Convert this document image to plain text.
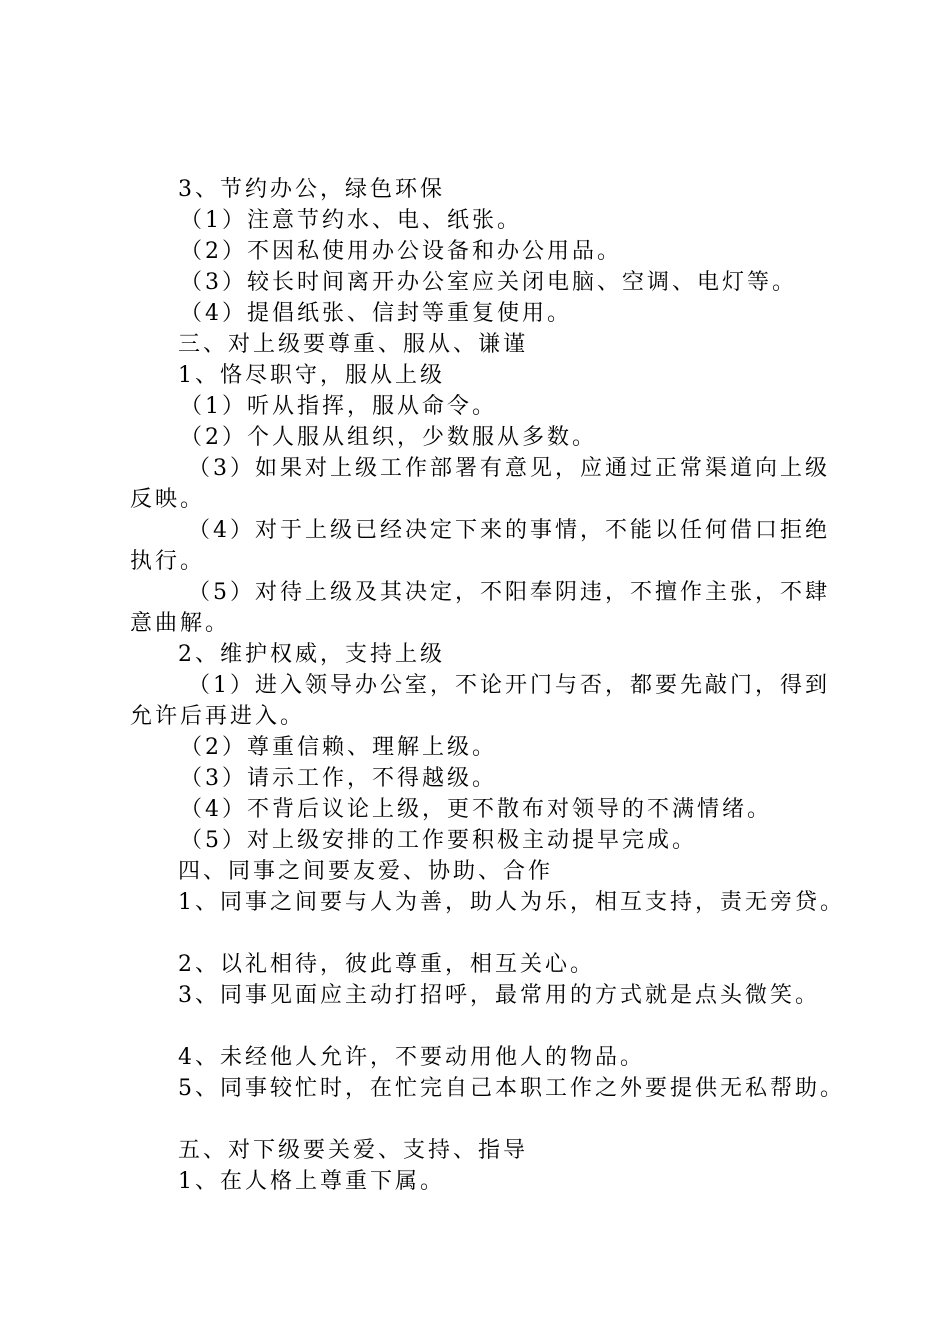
3、节约办公，绿色环保
（1）注意节约水、电、纸张。
（2）不因私使用办公设备和办公用品。
（3）较长时间离开办公室应关闭电脑、空调、电灯等。
（4）提倡纸张、信封等重复使用。
三、对上级要尊重、服从、谦谨
1、恪尽职守，服从上级
（1）听从指挥，服从命令。
（2）个人服从组织，少数服从多数。
（3）如果对上级工作部署有意见，应通过正常渠道向上级
反映。
（4）对于上级已经决定下来的事情，不能以任何借口拒绝
执行。
（5）对待上级及其决定，不阳奉阴违，不擅作主张，不肆
意曲解。
2、维护权威，支持上级
（1）进入领导办公室，不论开门与否，都要先敲门，得到
允许后再进入。
（2）尊重信赖、理解上级。
（3）请示工作，不得越级。
（4）不背后议论上级，更不散布对领导的不满情绪。
（5）对上级安排的工作要积极主动提早完成。
四、同事之间要友爱、协助、合作
1、同事之间要与人为善，助人为乐，相互支持，责无旁贷。
2、以礼相待，彼此尊重，相互关心。
3、同事见面应主动打招呼，最常用的方式就是点头微笑。
4、未经他人允许，不要动用他人的物品。
5、同事较忙时，在忙完自己本职工作之外要提供无私帮助。
五、对下级要关爱、支持、指导
1、在人格上尊重下属。
